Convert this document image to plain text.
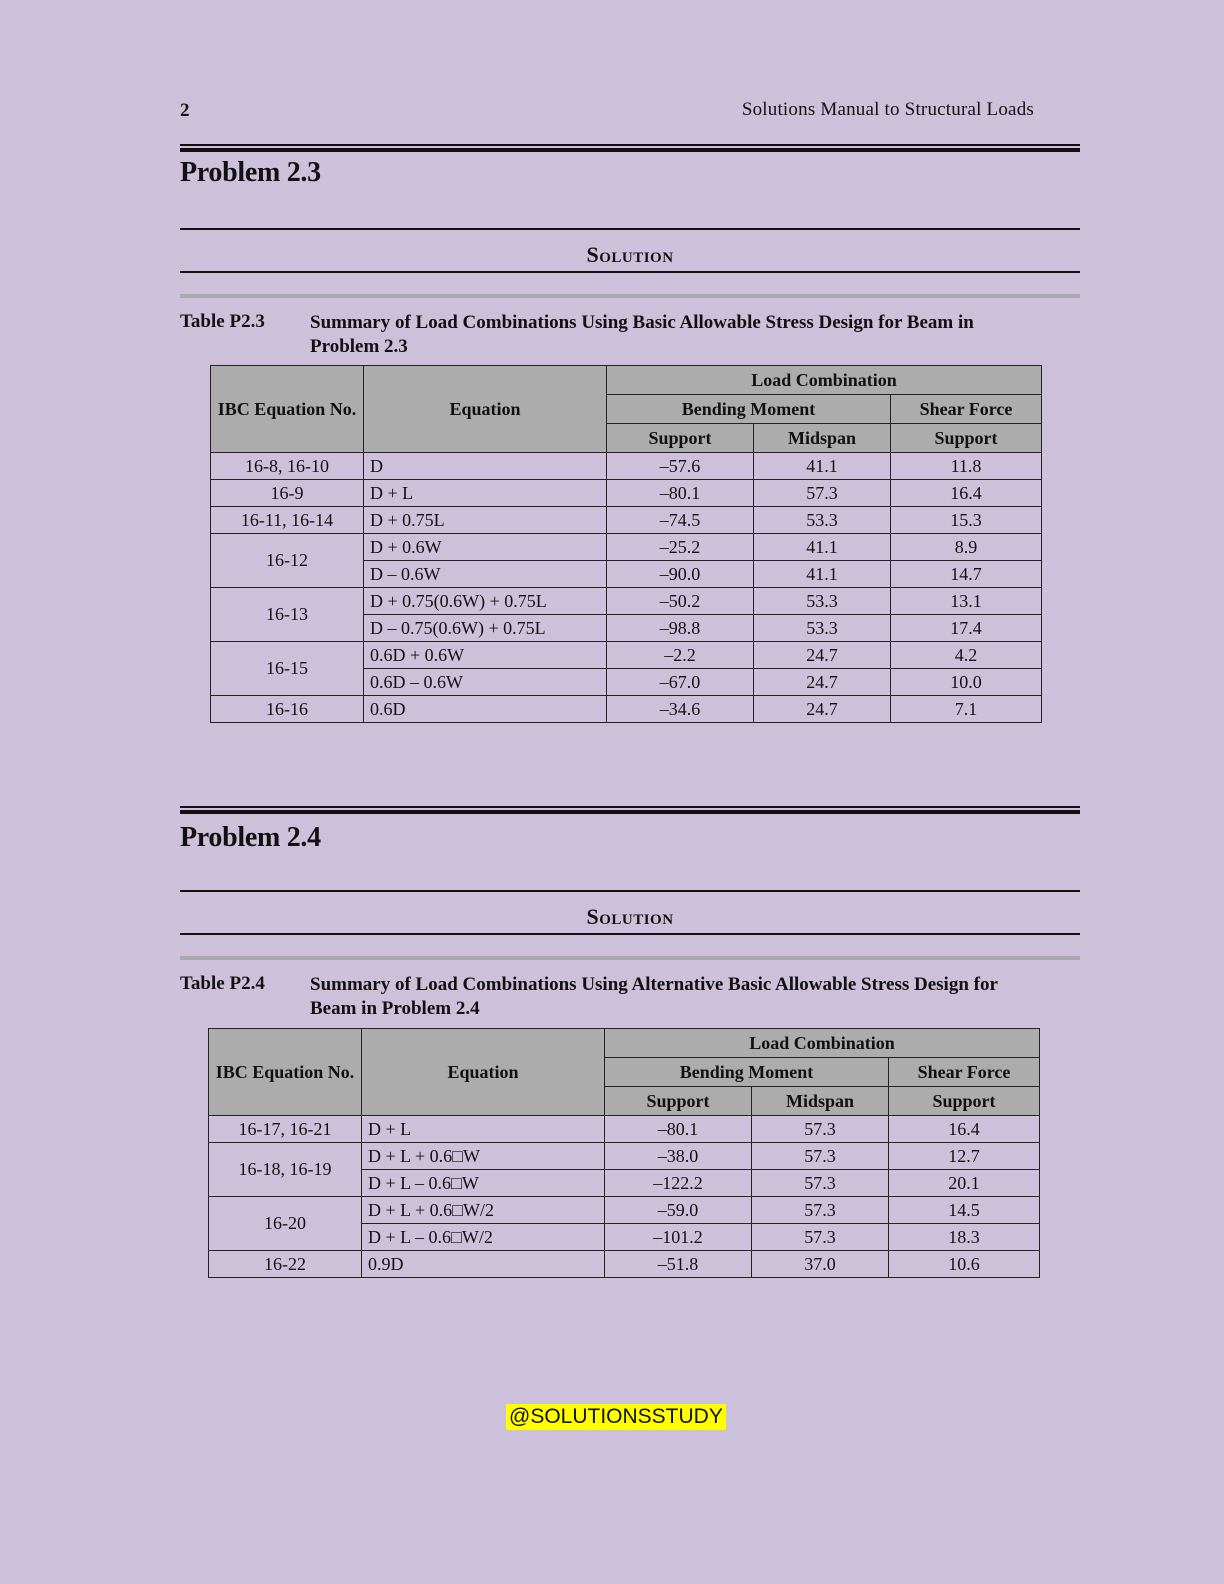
2	Solutions Manual to Structural Loads
Problem 2.3
Solution
Table P2.3 Summary of Load Combinations Using Basic Allowable Stress Design for Beam in Problem 2.3
IBC Equation No.	Equation	Load Combination		
		Bending Moment		Shear Force
		Support	Midspan	Support
16-8, 16-10	D	–57.6	41.1	11.8
16-9	D + L	–80.1	57.3	16.4
16-11, 16-14	D + 0.75L	–74.5	53.3	15.3
16-12	D + 0.6W	–25.2	41.1	8.9
	D – 0.6W	–90.0	41.1	14.7
16-13	D + 0.75(0.6W) + 0.75L	–50.2	53.3	13.1
	D – 0.75(0.6W) + 0.75L	–98.8	53.3	17.4
16-15	0.6D + 0.6W	–2.2	24.7	4.2
	0.6D – 0.6W	–67.0	24.7	10.0
16-16	0.6D	–34.6	24.7	7.1
Problem 2.4
Solution
Table P2.4 Summary of Load Combinations Using Alternative Basic Allowable Stress Design for Beam in Problem 2.4
IBC Equation No.	Equation	Load Combination		
		Bending Moment		Shear Force
		Support	Midspan	Support
16-17, 16-21	D + L	–80.1	57.3	16.4
16-18, 16-19	D + L + 0.6□W	–38.0	57.3	12.7
	D + L – 0.6□W	–122.2	57.3	20.1
16-20	D + L + 0.6□W/2	–59.0	57.3	14.5
	D + L – 0.6□W/2	–101.2	57.3	18.3
16-22	0.9D	–51.8	37.0	10.6
@SOLUTIONSSTUDY
